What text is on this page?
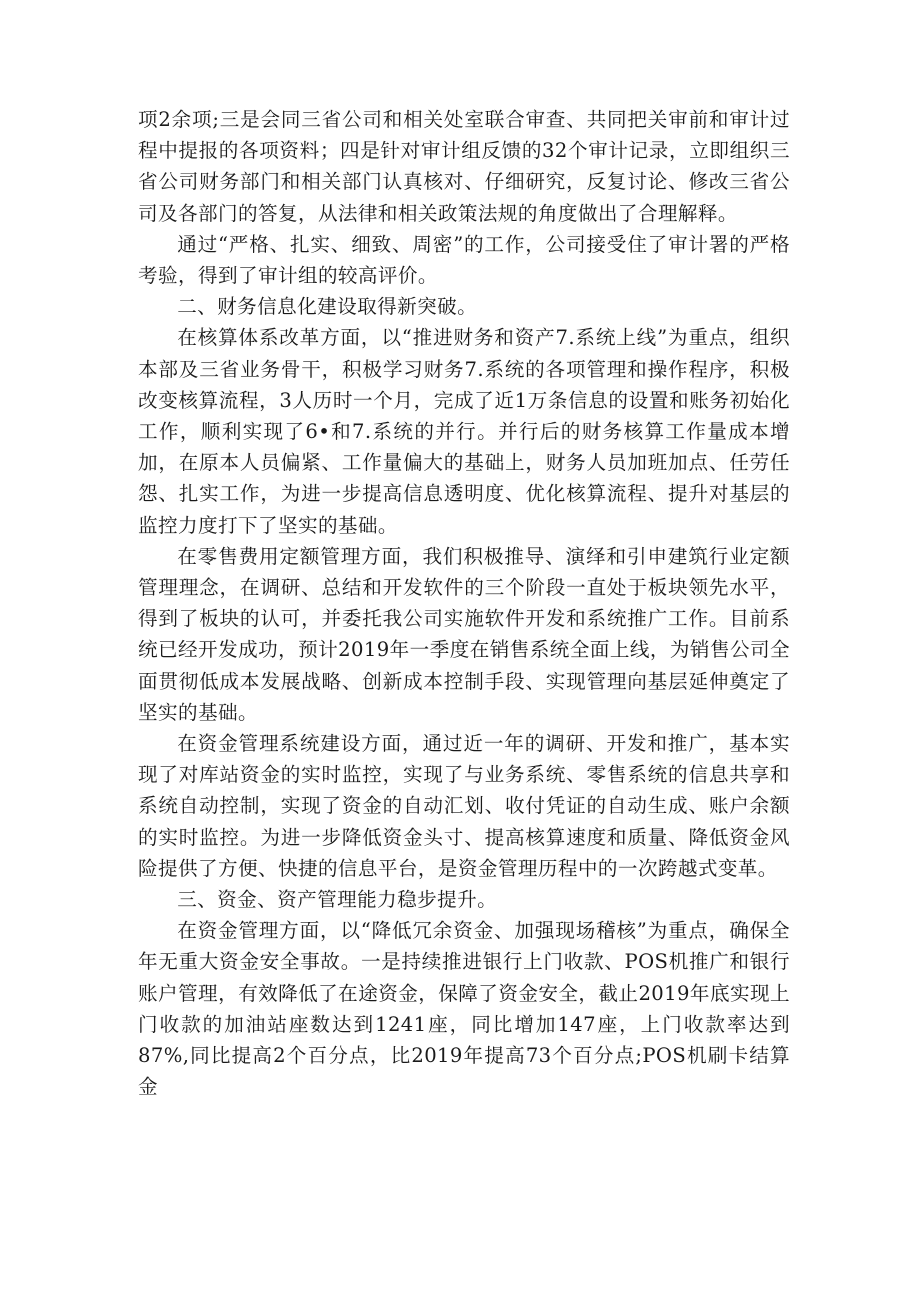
项2余项;三是会同三省公司和相关处室联合审查、共同把关审前和审计过程中提报的各项资料；四是针对审计组反馈的32个审计记录，立即组织三省公司财务部门和相关部门认真核对、仔细研究，反复讨论、修改三省公司及各部门的答复，从法律和相关政策法规的角度做出了合理解释。

通过“严格、扎实、细致、周密”的工作，公司接受住了审计署的严格考验，得到了审计组的较高评价。

二、财务信息化建设取得新突破。

在核算体系改革方面，以“推进财务和资产7.系统上线”为重点，组织本部及三省业务骨干，积极学习财务7.系统的各项管理和操作程序，积极改变核算流程，3人历时一个月，完成了近1万条信息的设置和账务初始化工作，顺利实现了6•和7.系统的并行。并行后的财务核算工作量成本增加，在原本人员偏紧、工作量偏大的基础上，财务人员加班加点、任劳任怨、扎实工作，为进一步提高信息透明度、优化核算流程、提升对基层的监控力度打下了坚实的基础。

在零售费用定额管理方面，我们积极推导、演绎和引申建筑行业定额管理理念，在调研、总结和开发软件的三个阶段一直处于板块领先水平，得到了板块的认可，并委托我公司实施软件开发和系统推广工作。目前系统已经开发成功，预计2019年一季度在销售系统全面上线，为销售公司全面贯彻低成本发展战略、创新成本控制手段、实现管理向基层延伸奠定了坚实的基础。

在资金管理系统建设方面，通过近一年的调研、开发和推广，基本实现了对库站资金的实时监控，实现了与业务系统、零售系统的信息共享和系统自动控制，实现了资金的自动汇划、收付凭证的自动生成、账户余额的实时监控。为进一步降低资金头寸、提高核算速度和质量、降低资金风险提供了方便、快捷的信息平台，是资金管理历程中的一次跨越式变革。

三、资金、资产管理能力稳步提升。

在资金管理方面，以“降低冗余资金、加强现场稽核”为重点，确保全年无重大资金安全事故。一是持续推进银行上门收款、POS机推广和银行账户管理，有效降低了在途资金，保障了资金安全，截止2019年底实现上门收款的加油站座数达到1241座，同比增加147座，上门收款率达到87%,同比提高2个百分点，比2019年提高73个百分点;POS机刷卡结算金
